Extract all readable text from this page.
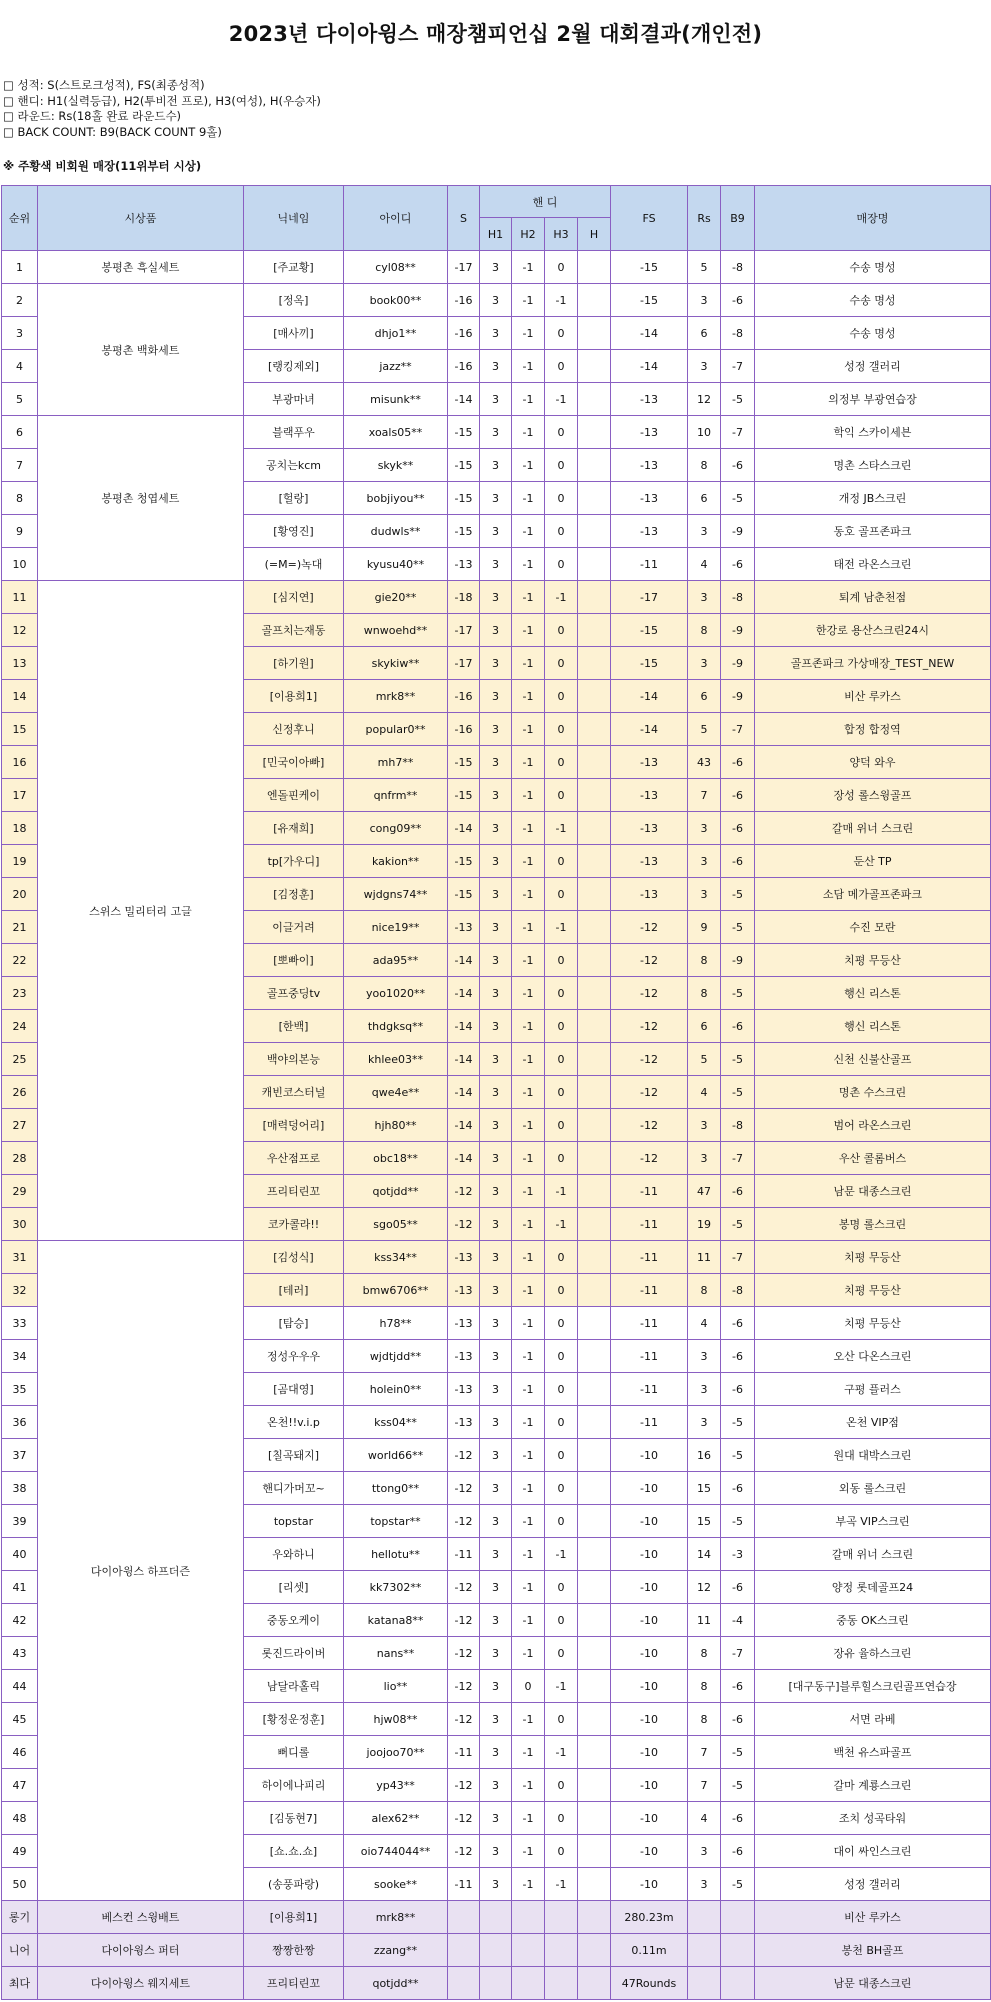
2023년 다이아윙스 매장챔피언십 2월 대회결과(개인전)
□ 성적: S(스트로크성적), FS(최종성적)
□ 핸디: H1(실력등급), H2(투비전 프로), H3(여성), H(우승자)
□ 라운드: Rs(18홀 완료 라운드수)
□ BACK COUNT: B9(BACK COUNT 9홀)
※ 주황색 비회원 매장(11위부터 시상)
순위	시상품	닉네임	아이디	S	핸 디				FS	Rs	B9	매장명
					H1	H2	H3	H				
1	봉평촌 흑실세트	[주교황]	cyl08**	-17	3	-1	0		-15	5	-8	수송 명성
2	봉평촌 백화세트	[정옥]	book00**	-16	3	-1	-1		-15	3	-6	수송 명성
3		[매사끼]	dhjo1**	-16	3	-1	0		-14	6	-8	수송 명성
4		[랭킹제외]	jazz**	-16	3	-1	0		-14	3	-7	성정 갤러리
5		부광마녀	misunk**	-14	3	-1	-1		-13	12	-5	의정부 부광연습장
6	봉평촌 청엽세트	블랙푸우	xoals05**	-15	3	-1	0		-13	10	-7	학익 스카이세븐
7		공치는kcm	skyk**	-15	3	-1	0		-13	8	-6	명촌 스타스크린
8		[헐랑]	bobjiyou**	-15	3	-1	0		-13	6	-5	개정 JB스크린
9		[황영진]	dudwls**	-15	3	-1	0		-13	3	-9	동호 골프존파크
10		(=M=)녹대	kyusu40**	-13	3	-1	0		-11	4	-6	태전 라온스크린
11	스위스 밀리터리 고글	[심지연]	gie20**	-18	3	-1	-1		-17	3	-8	퇴계 남춘천점
12		골프치는재동	wnwoehd**	-17	3	-1	0		-15	8	-9	한강로 용산스크린24시
13		[하기원]	skykiw**	-17	3	-1	0		-15	3	-9	골프존파크 가상매장_TEST_NEW
14		[이용희1]	mrk8**	-16	3	-1	0		-14	6	-9	비산 루카스
15		신정후니	popular0**	-16	3	-1	0		-14	5	-7	합정 합정역
16		[민국이아빠]	mh7**	-15	3	-1	0		-13	43	-6	양덕 와우
17		엔돌핀케이	qnfrm**	-15	3	-1	0		-13	7	-6	장성 롤스윙골프
18		[유재희]	cong09**	-14	3	-1	-1		-13	3	-6	갈매 위너 스크린
19		tp[가우디]	kakion**	-15	3	-1	0		-13	3	-6	둔산 TP
20		[김정훈]	wjdgns74**	-15	3	-1	0		-13	3	-5	소담 메가골프존파크
21		이글거려	nice19**	-13	3	-1	-1		-12	9	-5	수진 모란
22		[뽀빠이]	ada95**	-14	3	-1	0		-12	8	-9	치평 무등산
23		골프중딩tv	yoo1020**	-14	3	-1	0		-12	8	-5	행신 리스톤
24		[한백]	thdgksq**	-14	3	-1	0		-12	6	-6	행신 리스톤
25		백야의본능	khlee03**	-14	3	-1	0		-12	5	-5	신천 신불산골프
26		캐빈코스터널	qwe4e**	-14	3	-1	0		-12	4	-5	명촌 수스크린
27		[매력덩어리]	hjh80**	-14	3	-1	0		-12	3	-8	범어 라온스크린
28		우산점프로	obc18**	-14	3	-1	0		-12	3	-7	우산 콜롬버스
29		프리티린꼬	qotjdd**	-12	3	-1	-1		-11	47	-6	남문 대종스크린
30		코카콜라!!	sgo05**	-12	3	-1	-1		-11	19	-5	봉명 롤스크린
31	다이아윙스 하프더즌	[김성식]	kss34**	-13	3	-1	0		-11	11	-7	치평 무등산
32		[테러]	bmw6706**	-13	3	-1	0		-11	8	-8	치평 무등산
33		[탐승]	h78**	-13	3	-1	0		-11	4	-6	치평 무등산
34		정성우우우	wjdtjdd**	-13	3	-1	0		-11	3	-6	오산 다온스크린
35		[곰대영]	holein0**	-13	3	-1	0		-11	3	-6	구평 플러스
36		온천!!v.i.p	kss04**	-13	3	-1	0		-11	3	-5	온천 VIP점
37		[칠곡돼지]	world66**	-12	3	-1	0		-10	16	-5	원대 대박스크린
38		핸디가머꼬~	ttong0**	-12	3	-1	0		-10	15	-6	외동 롤스크린
39		topstar	topstar**	-12	3	-1	0		-10	15	-5	부곡 VIP스크린
40		우와하니	hellotu**	-11	3	-1	-1		-10	14	-3	갈매 위너 스크린
41		[리셋]	kk7302**	-12	3	-1	0		-10	12	-6	양정 롯데골프24
42		중동오케이	katana8**	-12	3	-1	0		-10	11	-4	중동 OK스크린
43		롯진드라이버	nans**	-12	3	-1	0		-10	8	-7	장유 율하스크린
44		남달라홀릭	lio**	-12	3	0	-1		-10	8	-6	[대구동구]블루힐스크린골프연습장
45		[황정운정훈]	hjw08**	-12	3	-1	0		-10	8	-6	서면 라베
46		뻐디롤	joojoo70**	-11	3	-1	-1		-10	7	-5	백천 유스파골프
47		하이에나피리	yp43**	-12	3	-1	0		-10	7	-5	갈마 계룡스크린
48		[김동현7]	alex62**	-12	3	-1	0		-10	4	-6	조치 성곡타워
49		[쇼.쇼.쇼]	oio744044**	-12	3	-1	0		-10	3	-6	대이 싸인스크린
50		(송풍파랑)	sooke**	-11	3	-1	-1		-10	3	-5	성정 갤러리
롱기	베스컨 스윙배트	[이용희1]	mrk8**						280.23m			비산 루카스
니어	다이아윙스 퍼터	짱짱한짱	zzang**						0.11m			봉천 BH골프
최다	다이아윙스 웨지세트	프리티린꼬	qotjdd**						47Rounds			남문 대종스크린
